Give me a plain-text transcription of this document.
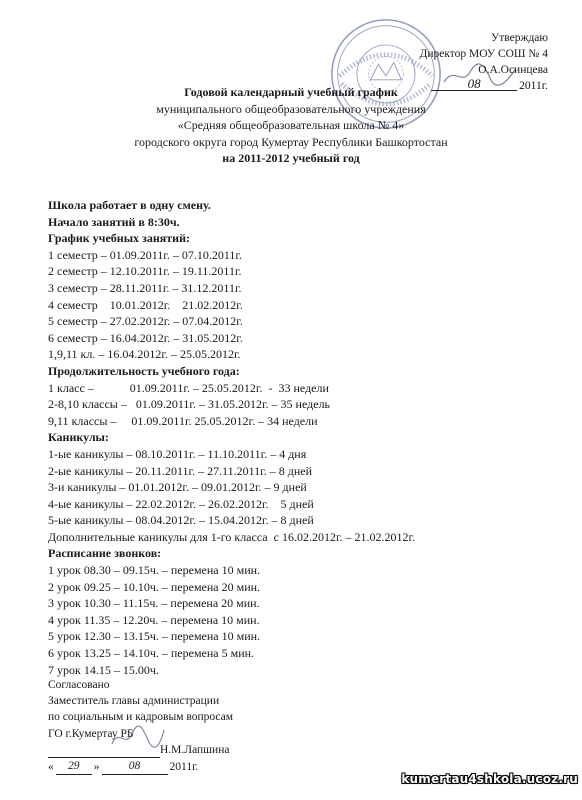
Утверждаю
Директор МОУ СОШ № 4
О.А.Осинцева
08	2011г.
Годовой календарный учебный график
муниципального общеобразовательного учреждения
«Средняя общеобразовательная школа № 4»
городского округа город Кумертау Республики Башкортостан
на 2011-2012 учебный год
Школа работает в одну смену.
Начало занятий в 8:30ч.
График учебных занятий:
1 семестр – 01.09.2011г. – 07.10.2011г.
2 семестр – 12.10.2011г. – 19.11.2011г.
3 семестр – 28.11.2011г. – 31.12.2011г.
4 семестр    10.01.2012г.    21.02.2012г.
5 семестр – 27.02.2012г. – 07.04.2012г.
6 семестр – 16.04.2012г. – 31.05.2012г.
1,9,11 кл. – 16.04.2012г. – 25.05.2012г.
Продолжительность учебного года:
1 класс –            01.09.2011г. – 25.05.2012г.  -  33 недели
2-8,10 классы –   01.09.2011г. – 31.05.2012г. – 35 недель
9,11 классы –     01.09.2011г. 25.05.2012г. – 34 недели
Каникулы:
1-ые каникулы – 08.10.2011г. – 11.10.2011г. – 4 дня
2-ые каникулы – 20.11.2011г. – 27.11.2011г. – 8 дней
3-и каникулы – 01.01.2012г. – 09.01.2012г. – 9 дней
4-ые каникулы – 22.02.2012г. – 26.02.2012г.    5 дней
5-ые каникулы – 08.04.2012г. – 15.04.2012г. – 8 дней
Дополнительные каникулы для 1-го класса  с 16.02.2012г. – 21.02.2012г.
Расписание звонков:
1 урок 08.30 – 09.15ч. – перемена 10 мин.
2 урок 09.25 – 10.10ч. – перемена 20 мин.
3 урок 10.30 – 11.15ч. – перемена 20 мин.
4 урок 11.35 – 12.20ч. – перемена 10 мин.
5 урок 12.30 – 13.15ч. – перемена 10 мин.
6 урок 13.25 – 14.10ч. – перемена 5 мин.
7 урок 14.15 – 15.00ч.
Согласовано
Заместитель главы администрации
по социальным и кадровым вопросам
ГО г.Кумертау РБ
Н.М.Лапшина
«	29	»	08	2011г.
kumertau4shkola.ucoz.ru
